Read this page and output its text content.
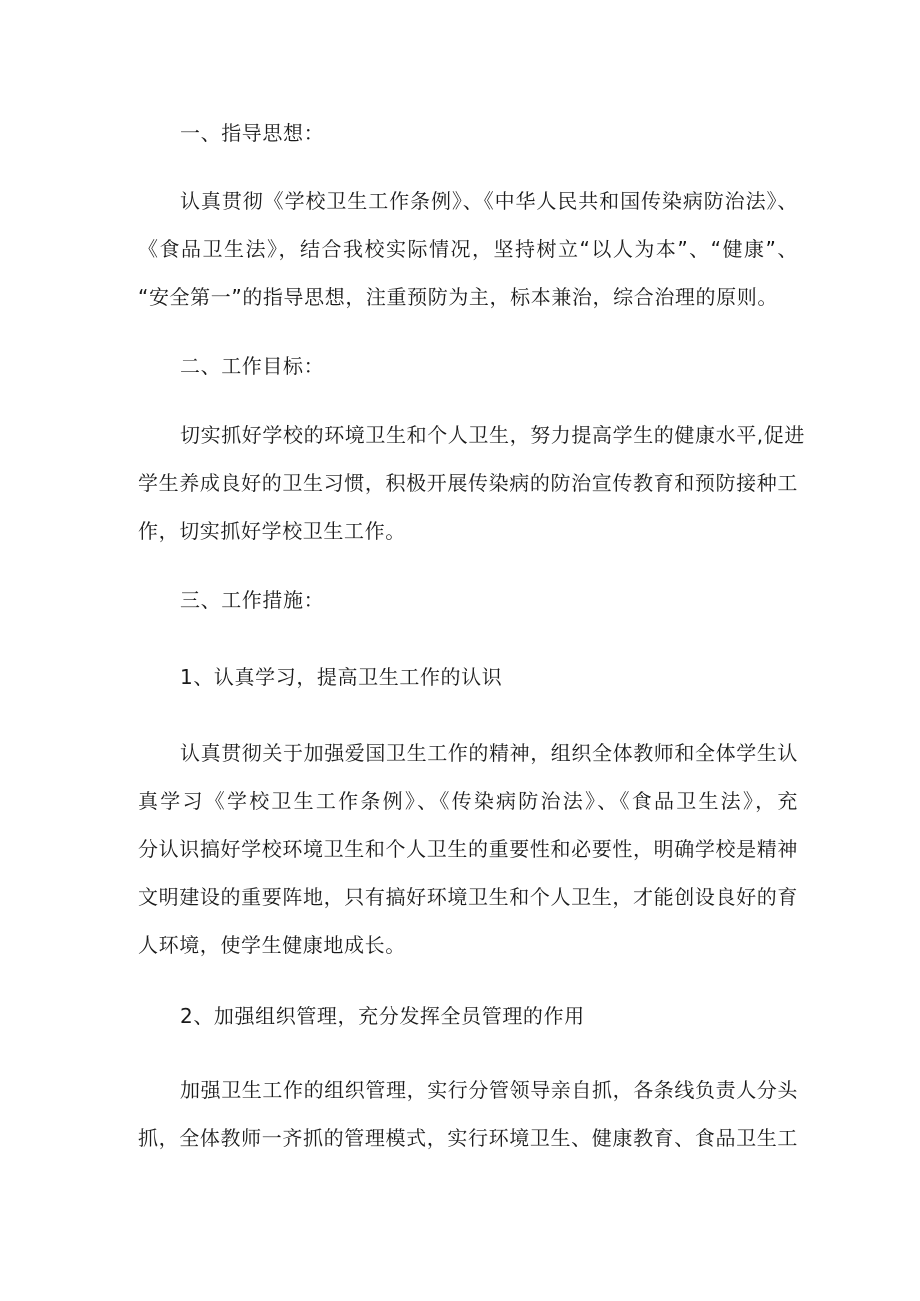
一、指导思想：
认真贯彻《学校卫生工作条例》、《中华人民共和国传染病防治法》、
《食品卫生法》，结合我校实际情况，坚持树立“以人为本”、“健康”、
“安全第一”的指导思想，注重预防为主，标本兼治，综合治理的原则。
二、工作目标：
切实抓好学校的环境卫生和个人卫生，努力提高学生的健康水平,促进
学生养成良好的卫生习惯，积极开展传染病的防治宣传教育和预防接种工
作，切实抓好学校卫生工作。
三、工作措施：
1、认真学习，提高卫生工作的认识
认真贯彻关于加强爱国卫生工作的精神，组织全体教师和全体学生认
真学习《学校卫生工作条例》、《传染病防治法》、《食品卫生法》，充
分认识搞好学校环境卫生和个人卫生的重要性和必要性，明确学校是精神
文明建设的重要阵地，只有搞好环境卫生和个人卫生，才能创设良好的育
人环境，使学生健康地成长。
2、加强组织管理，充分发挥全员管理的作用
加强卫生工作的组织管理，实行分管领导亲自抓，各条线负责人分头
抓，全体教师一齐抓的管理模式，实行环境卫生、健康教育、食品卫生工
